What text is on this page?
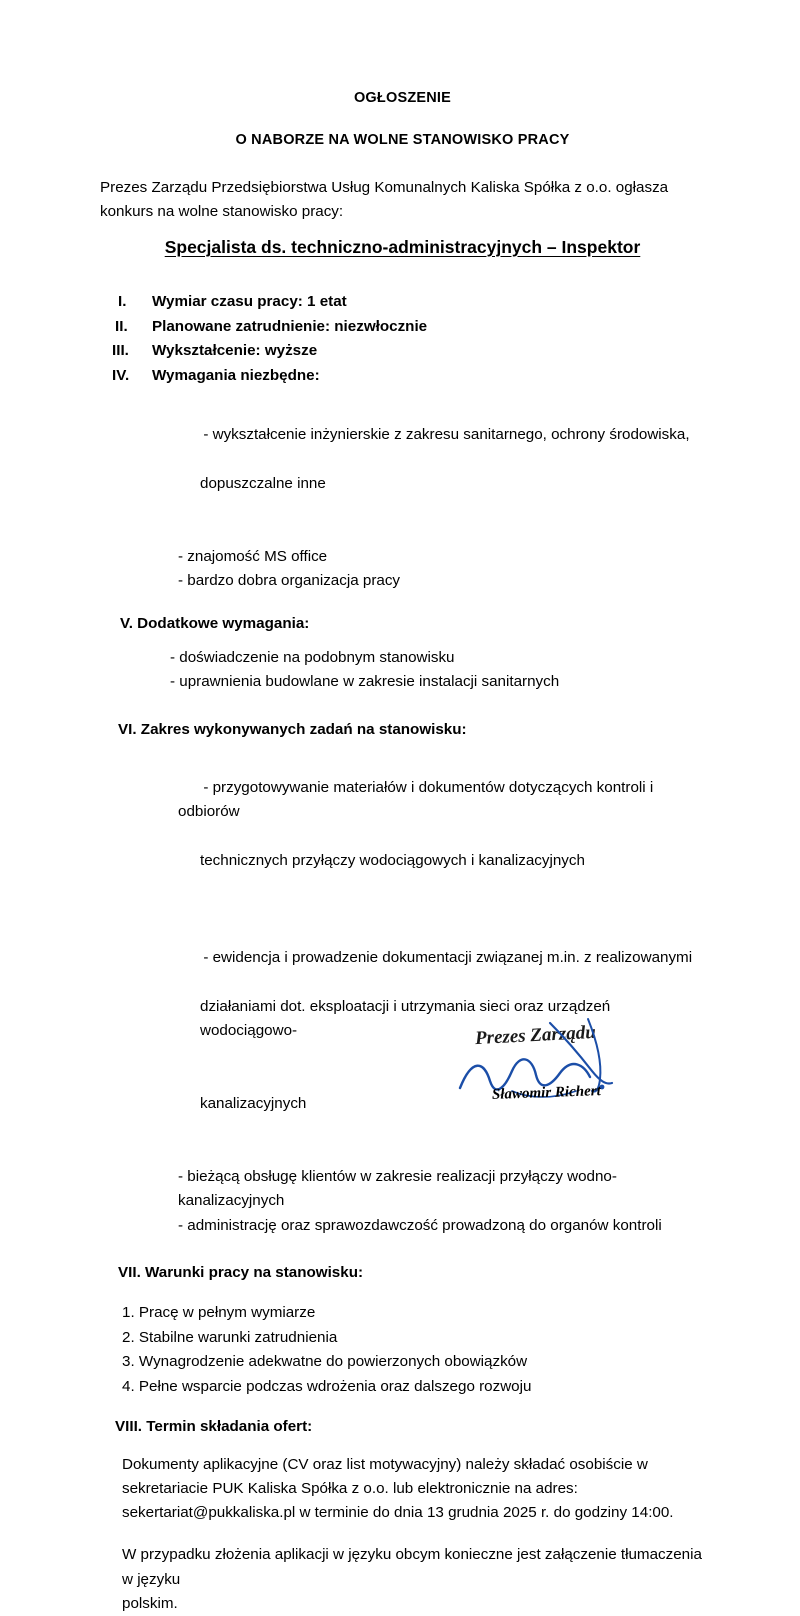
OGŁOSZENIE
O NABORZE NA WOLNE STANOWISKO PRACY
Prezes Zarządu Przedsiębiorstwa Usług Komunalnych Kaliska Spółka z o.o. ogłasza konkurs na wolne stanowisko pracy:
Specjalista ds. techniczno-administracyjnych – Inspektor
I.	Wymiar czasu pracy: 1 etat
II.	Planowane zatrudnienie: niezwłocznie
III.	Wykształcenie: wyższe
IV.	Wymagania niezbędne:

- wykształcenie inżynierskie z zakresu sanitarnego, ochrony środowiska,

dopuszczalne inne

- znajomość MS office
- bardzo dobra organizacja pracy
V. Dodatkowe wymagania:
- doświadczenie na podobnym stanowisku
- uprawnienia budowlane w zakresie instalacji sanitarnych
VI. Zakres wykonywanych zadań na stanowisku:

- przygotowywanie materiałów i dokumentów dotyczących kontroli i odbiorów

technicznych przyłączy wodociągowych i kanalizacyjnych

- ewidencja i prowadzenie dokumentacji związanej m.in. z realizowanymi

działaniami dot. eksploatacji i utrzymania sieci oraz urządzeń wodociągowo-

kanalizacyjnych

- bieżącą obsługę klientów w zakresie realizacji przyłączy wodno-kanalizacyjnych
- administrację oraz sprawozdawczość prowadzoną do organów kontroli
VII. Warunki pracy na stanowisku:
1. Pracę w pełnym wymiarze
2. Stabilne warunki zatrudnienia
3. Wynagrodzenie adekwatne do powierzonych obowiązków
4. Pełne wsparcie podczas wdrożenia oraz dalszego rozwoju
VIII. Termin składania ofert:
Dokumenty aplikacyjne (CV oraz list motywacyjny) należy składać osobiście w
sekretariacie PUK Kaliska Spółka z o.o. lub elektronicznie na adres:
sekertariat@pukkaliska.pl w terminie do dnia 13 grudnia 2025 r. do godziny 14:00.
W przypadku złożenia aplikacji w języku obcym konieczne jest załączenie tłumaczenia w języku
polskim.
Prezes Zarządu
Sławomir Richert
